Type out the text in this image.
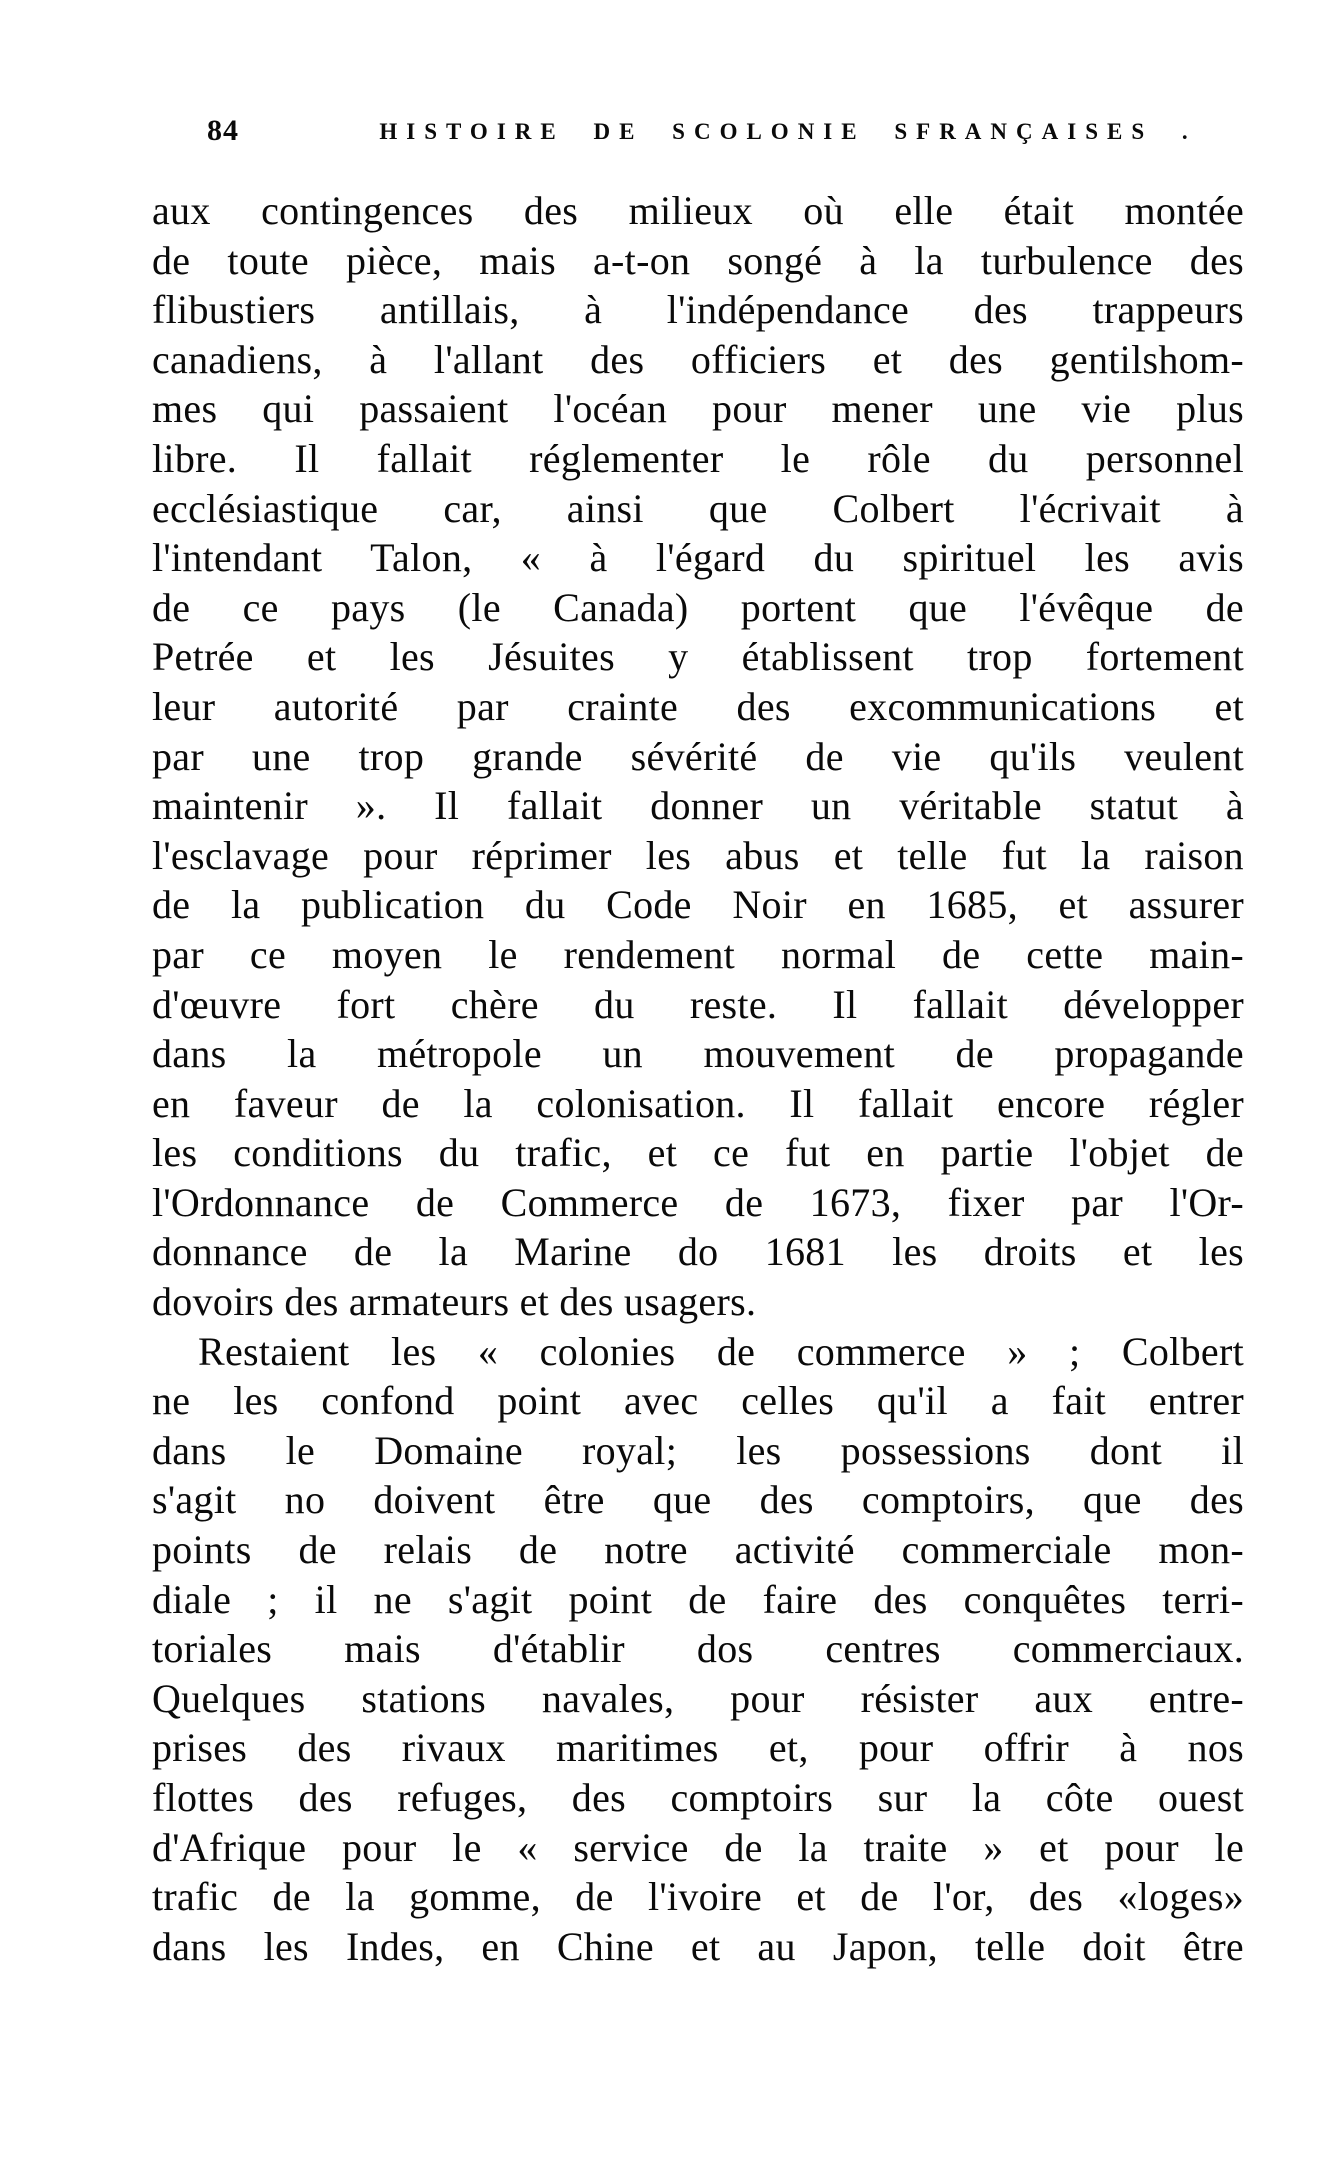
84	HISTOIRE DE SCOLONIE SFRANÇAISES .
aux contingences des milieux où elle était montée
de toute pièce, mais a-t-on songé à la turbulence des
flibustiers antillais, à l'indépendance des trappeurs
canadiens, à l'allant des officiers et des gentilshom-
mes qui passaient l'océan pour mener une vie plus
libre. Il fallait réglementer le rôle du personnel
ecclésiastique car, ainsi que Colbert l'écrivait à
l'intendant Talon, « à l'égard du spirituel les avis
de ce pays (le Canada) portent que l'évêque de
Petrée et les Jésuites y établissent trop fortement
leur autorité par crainte des excommunications et
par une trop grande sévérité de vie qu'ils veulent
maintenir ». Il fallait donner un véritable statut à
l'esclavage pour réprimer les abus et telle fut la raison
de la publication du Code Noir en 1685, et assurer
par ce moyen le rendement normal de cette main-
d'œuvre fort chère du reste. Il fallait développer
dans la métropole un mouvement de propagande
en faveur de la colonisation. Il fallait encore régler
les conditions du trafic, et ce fut en partie l'objet de
l'Ordonnance de Commerce de 1673, fixer par l'Or-
donnance de la Marine do 1681 les droits et les
dovoirs des armateurs et des usagers.
Restaient les « colonies de commerce » ; Colbert
ne les confond point avec celles qu'il a fait entrer
dans le Domaine royal; les possessions dont il
s'agit no doivent être que des comptoirs, que des
points de relais de notre activité commerciale mon-
diale ; il ne s'agit point de faire des conquêtes terri-
toriales mais d'établir dos centres commerciaux.
Quelques stations navales, pour résister aux entre-
prises des rivaux maritimes et, pour offrir à nos
flottes des refuges, des comptoirs sur la côte ouest
d'Afrique pour le « service de la traite » et pour le
trafic de la gomme, de l'ivoire et de l'or, des «loges»
dans les Indes, en Chine et au Japon, telle doit être
